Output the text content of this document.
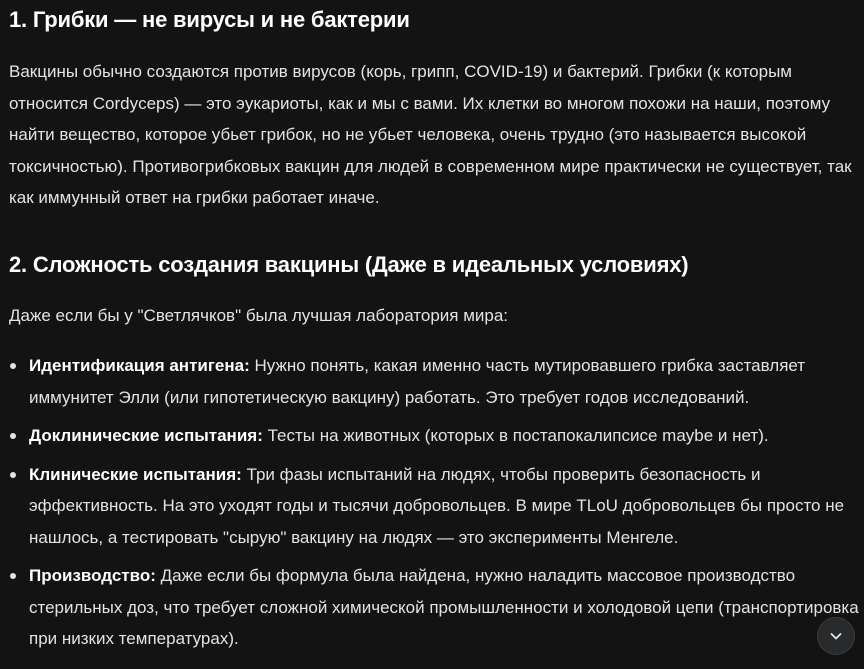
1. Грибки — не вирусы и не бактерии

Вакцины обычно создаются против вирусов (корь, грипп, COVID-19) и бактерий. Грибки (к которым относится Cordyceps) — это эукариоты, как и мы с вами. Их клетки во многом похожи на наши, поэтому найти вещество, которое убьет грибок, но не убьет человека, очень трудно (это называется высокой токсичностью). Противогрибковых вакцин для людей в современном мире практически не существует, так как иммунный ответ на грибки работает иначе.

2. Сложность создания вакцины (Даже в идеальных условиях)

Даже если бы у "Светлячков" была лучшая лаборатория мира:

Идентификация антигена: Нужно понять, какая именно часть мутировавшего грибка заставляет иммунитет Элли (или гипотетическую вакцину) работать. Это требует годов исследований.
Доклинические испытания: Тесты на животных (которых в постапокалипсисе maybe и нет).
Клинические испытания: Три фазы испытаний на людях, чтобы проверить безопасность и эффективность. На это уходят годы и тысячи добровольцев. В мире TLoU добровольцев бы просто не нашлось, а тестировать "сырую" вакцину на людях — это эксперименты Менгеле.
Производство: Даже если бы формула была найдена, нужно наладить массовое производство стерильных доз, что требует сложной химической промышленности и холодовой цепи (транспортировка при низких температурах).
